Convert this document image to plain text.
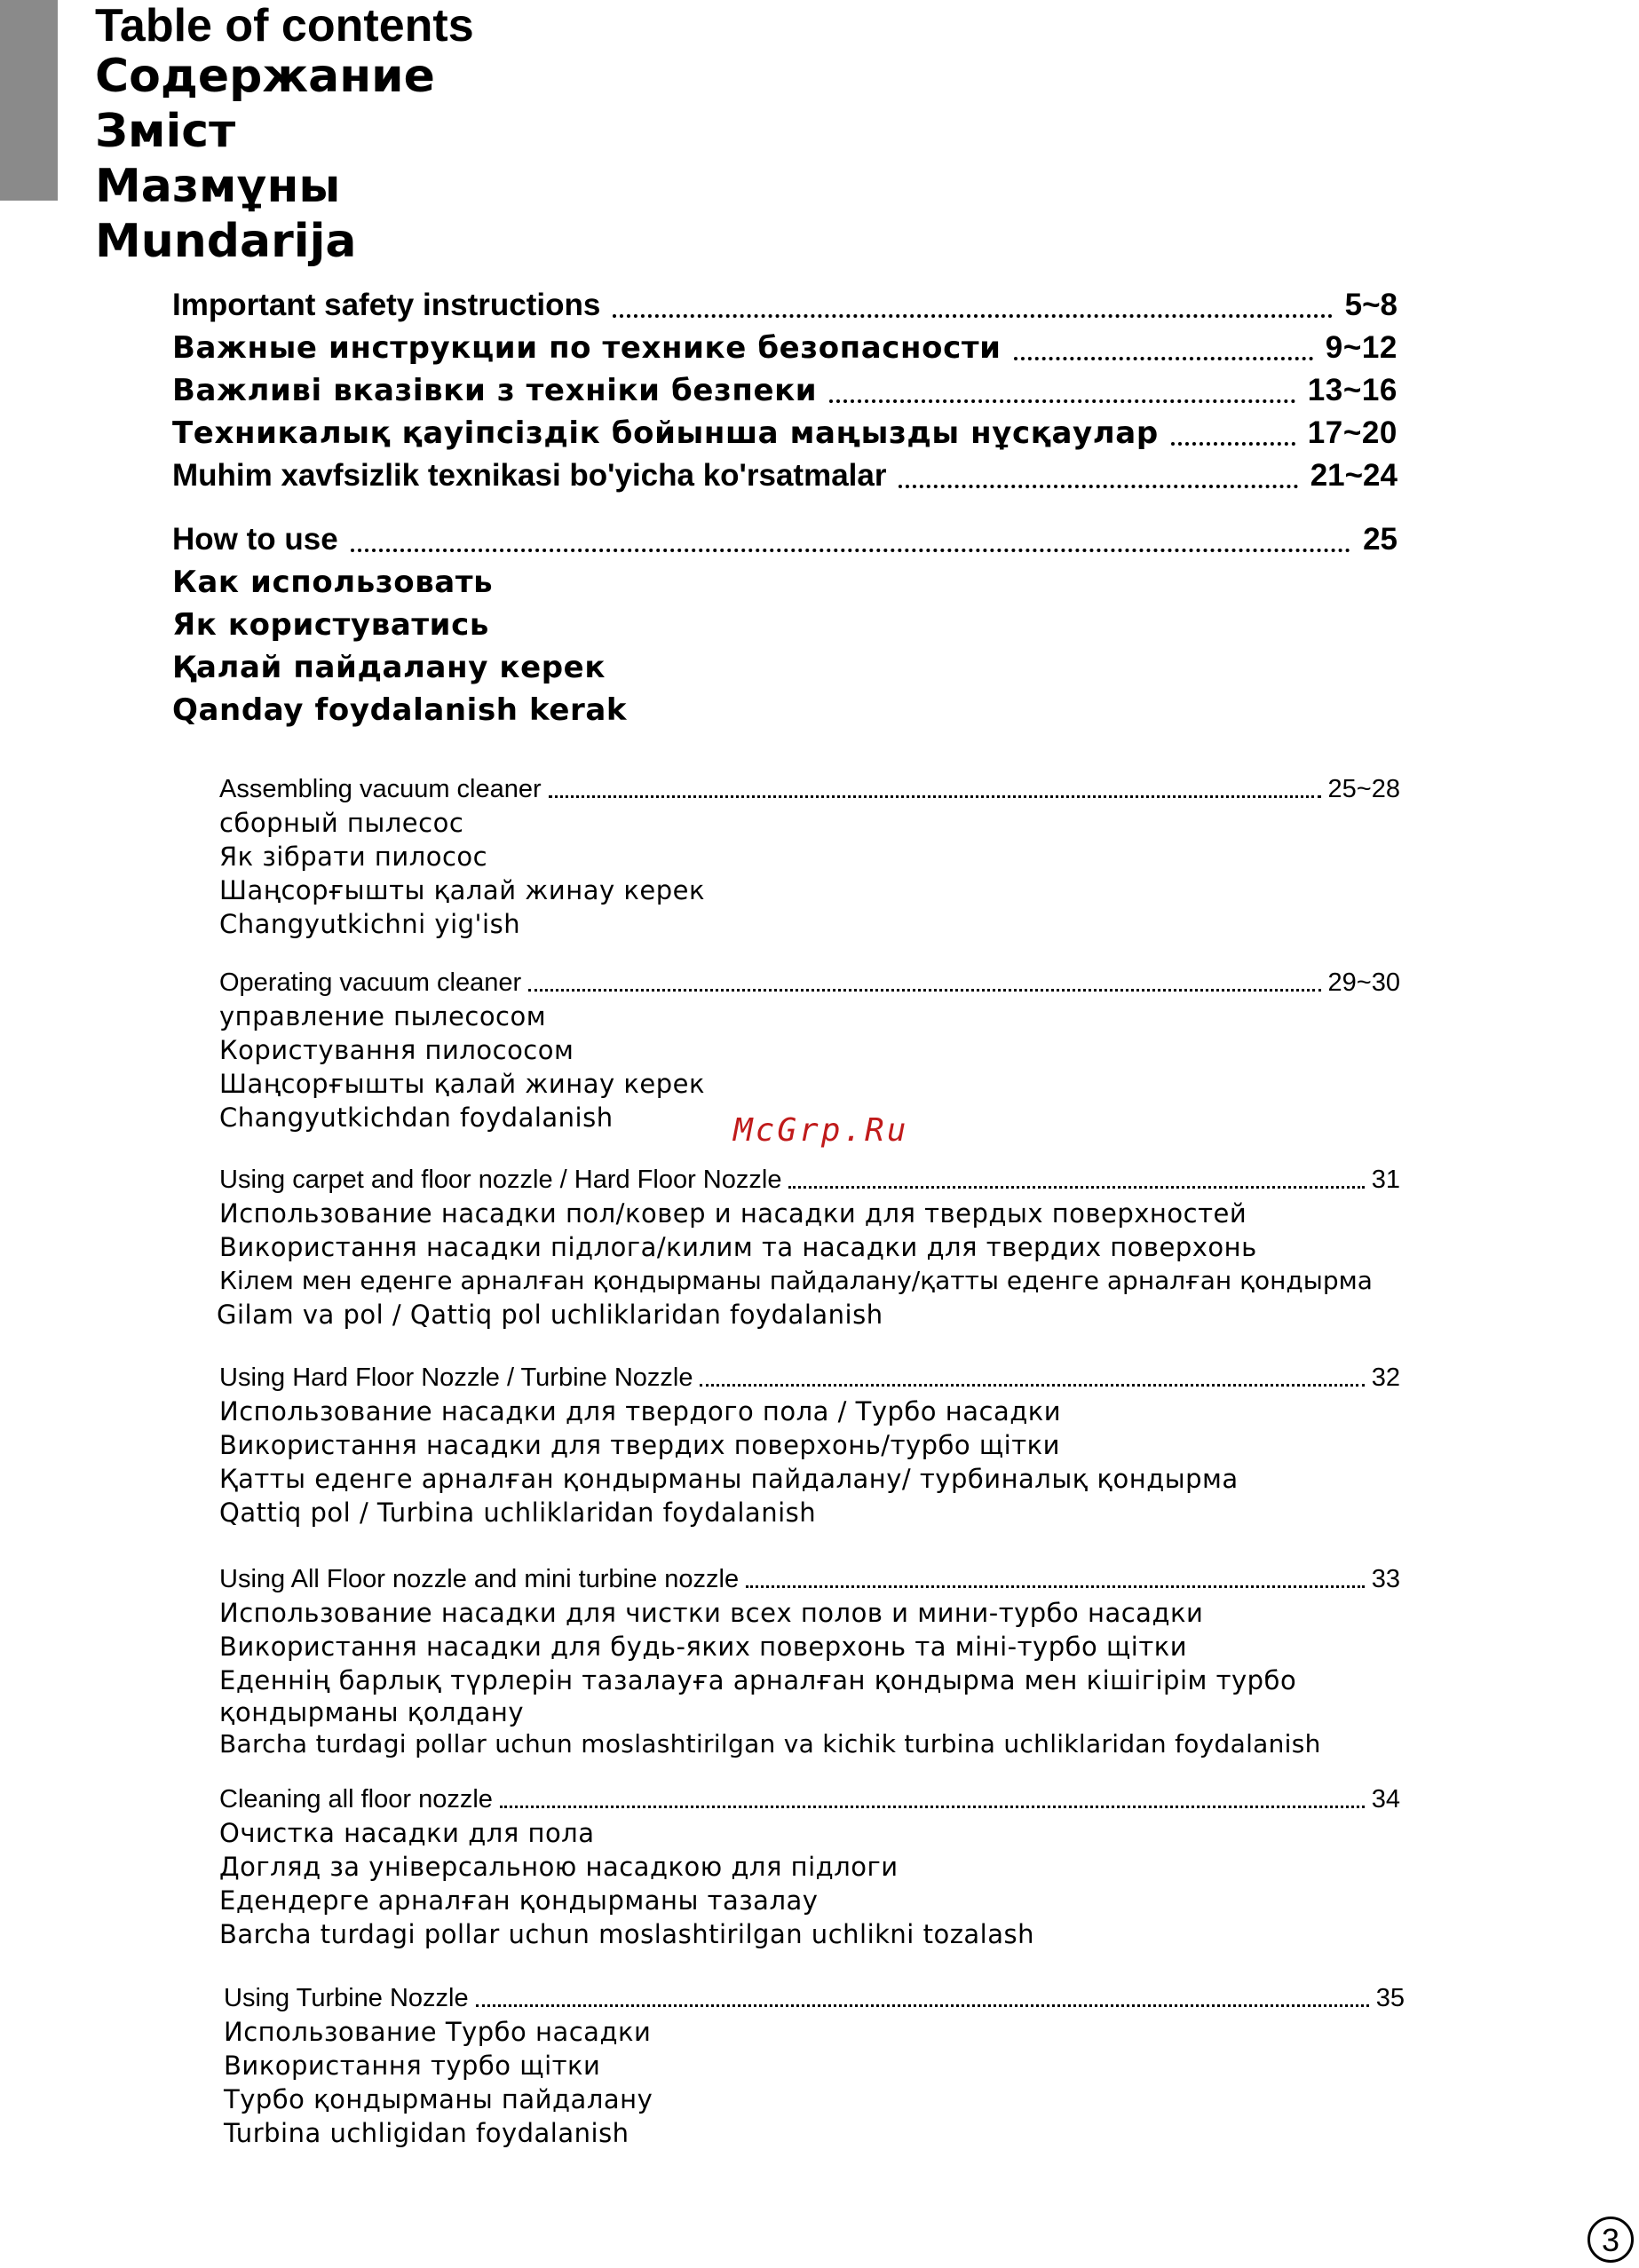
Table of contents
Содержание
Зміст
Мазмұны
Mundarija
Important safety instructions	5~8
Важные инструкции по технике безопасности	9~12
Важливі вказівки з техніки безпеки	13~16
Техникалық қауіпсіздік бойынша маңызды нұсқаулар	17~20
Muhim xavfsizlik texnikasi bo'yicha ko'rsatmalar	21~24
How to use	25
Как использовать
Як користуватись
Қалай пайдалану керек
Qanday foydalanish kerak
Assembling vacuum cleaner	25~28
сборный пылесос
Як зібрати пилосос
Шаңсорғышты қалай жинау керек
Changyutkichni yig'ish
Operating vacuum cleaner	29~30
управление пылесосом
Користування пилососом
Шаңсорғышты қалай жинау керек
Changyutkichdan foydalanish
Using carpet and floor nozzle / Hard Floor Nozzle	31
Использование насадки пол/ковер и насадки для твердых поверхностей
Використання насадки підлога/килим та насадки для твердих поверхонь
Кілем мен еденге арналған қондырманы пайдалану/қатты еденге арналған қондырма
Gilam va pol / Qattiq pol uchliklaridan foydalanish
Using Hard Floor Nozzle / Turbine Nozzle	32
Использование насадки для твердого пола / Турбо насадки
Використання насадки для твердих поверхонь/турбо щітки
Қатты еденге арналған қондырманы пайдалану/ турбиналық қондырма
Qattiq pol / Turbina uchliklaridan foydalanish
Using All Floor nozzle and mini turbine nozzle	33
Использование насадки для чистки всех полов и мини-турбо насадки
Використання насадки для будь-яких поверхонь та міні-турбо щітки
Еденнің барлық түрлерін тазалауға арналған қондырма мен кішігірім турбо
қондырманы қолдану
Barcha turdagi pollar uchun moslashtirilgan va kichik turbina uchliklaridan foydalanish
Cleaning all floor nozzle	34
Очистка насадки для пола
Догляд за універсальною насадкою для підлоги
Едендерге арналған қондырманы тазалау
Barcha turdagi pollar uchun moslashtirilgan uchlikni tozalash
Using Turbine Nozzle	35
Использование Турбо насадки
Використання турбо щітки
Турбо қондырманы пайдалану
Turbina uchligidan foydalanish
McGrp.Ru
3
